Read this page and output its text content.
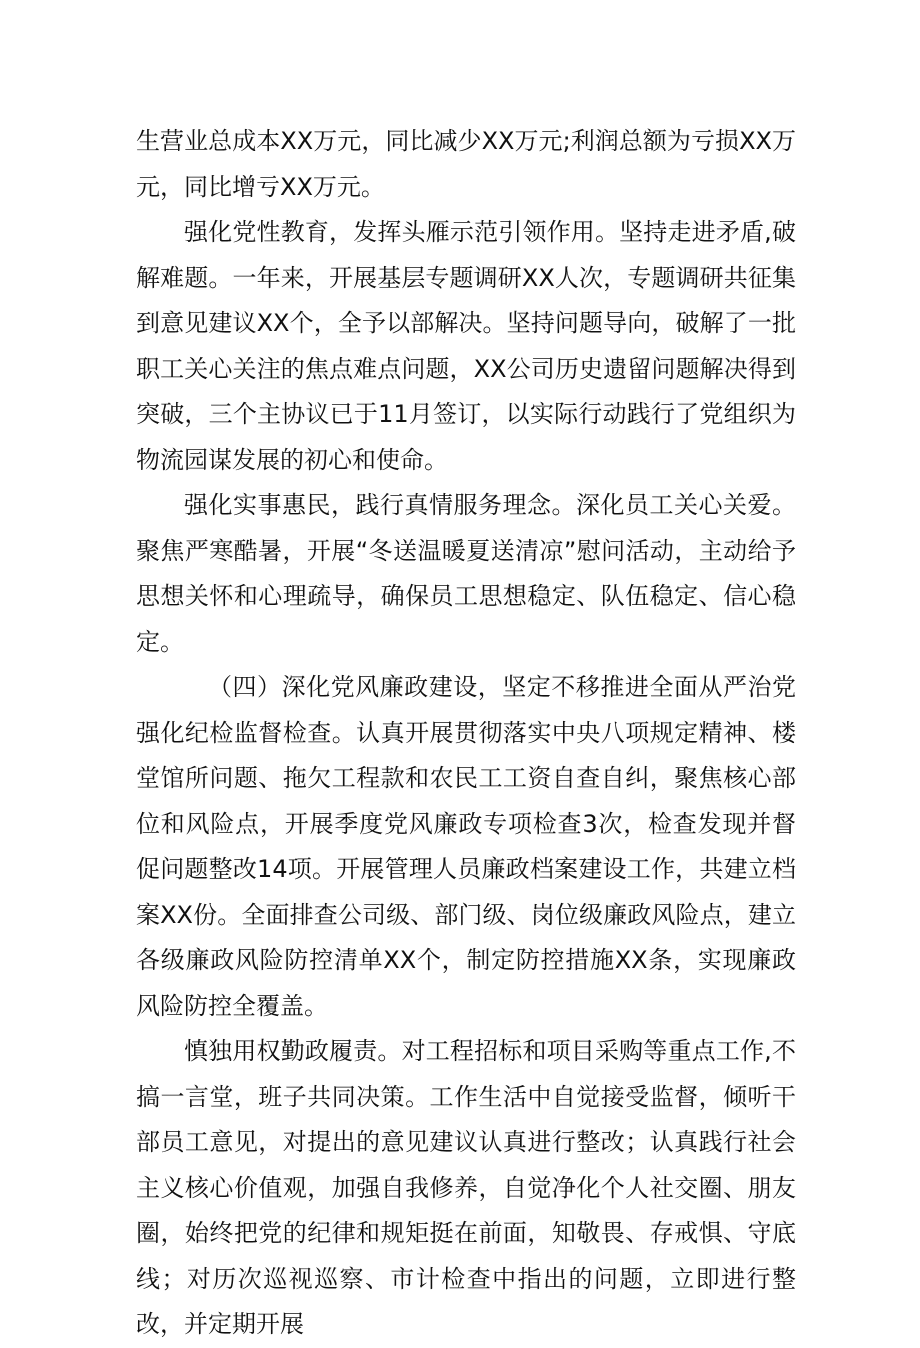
生营业总成本XX万元，同比减少XX万元;利润总额为亏损XX万元，同比增亏XX万元。

强化党性教育，发挥头雁示范引领作用。坚持走进矛盾,破解难题。一年来，开展基层专题调研XX人次，专题调研共征集到意见建议XX个，全予以部解决。坚持问题导向，破解了一批职工关心关注的焦点难点问题，XX公司历史遗留问题解决得到突破，三个主协议已于11月签订，以实际行动践行了党组织为物流园谋发展的初心和使命。

强化实事惠民，践行真情服务理念。深化员工关心关爱。聚焦严寒酷暑，开展“冬送温暖夏送清凉”慰问活动，主动给予思想关怀和心理疏导，确保员工思想稳定、队伍稳定、信心稳定。

（四）深化党风廉政建设，坚定不移推进全面从严治党强化纪检监督检查。认真开展贯彻落实中央八项规定精神、楼堂馆所问题、拖欠工程款和农民工工资自查自纠，聚焦核心部位和风险点，开展季度党风廉政专项检查3次，检查发现并督促问题整改14项。开展管理人员廉政档案建设工作，共建立档案XX份。全面排查公司级、部门级、岗位级廉政风险点，建立各级廉政风险防控清单XX个，制定防控措施XX条，实现廉政风险防控全覆盖。

慎独用权勤政履责。对工程招标和项目采购等重点工作,不搞一言堂，班子共同决策。工作生活中自觉接受监督，倾听干部员工意见，对提出的意见建议认真进行整改；认真践行社会主义核心价值观，加强自我修养，自觉净化个人社交圈、朋友圈，始终把党的纪律和规矩挺在前面，知敬畏、存戒惧、守底线；对历次巡视巡察、市计检查中指出的问题，立即进行整改，并定期开展
